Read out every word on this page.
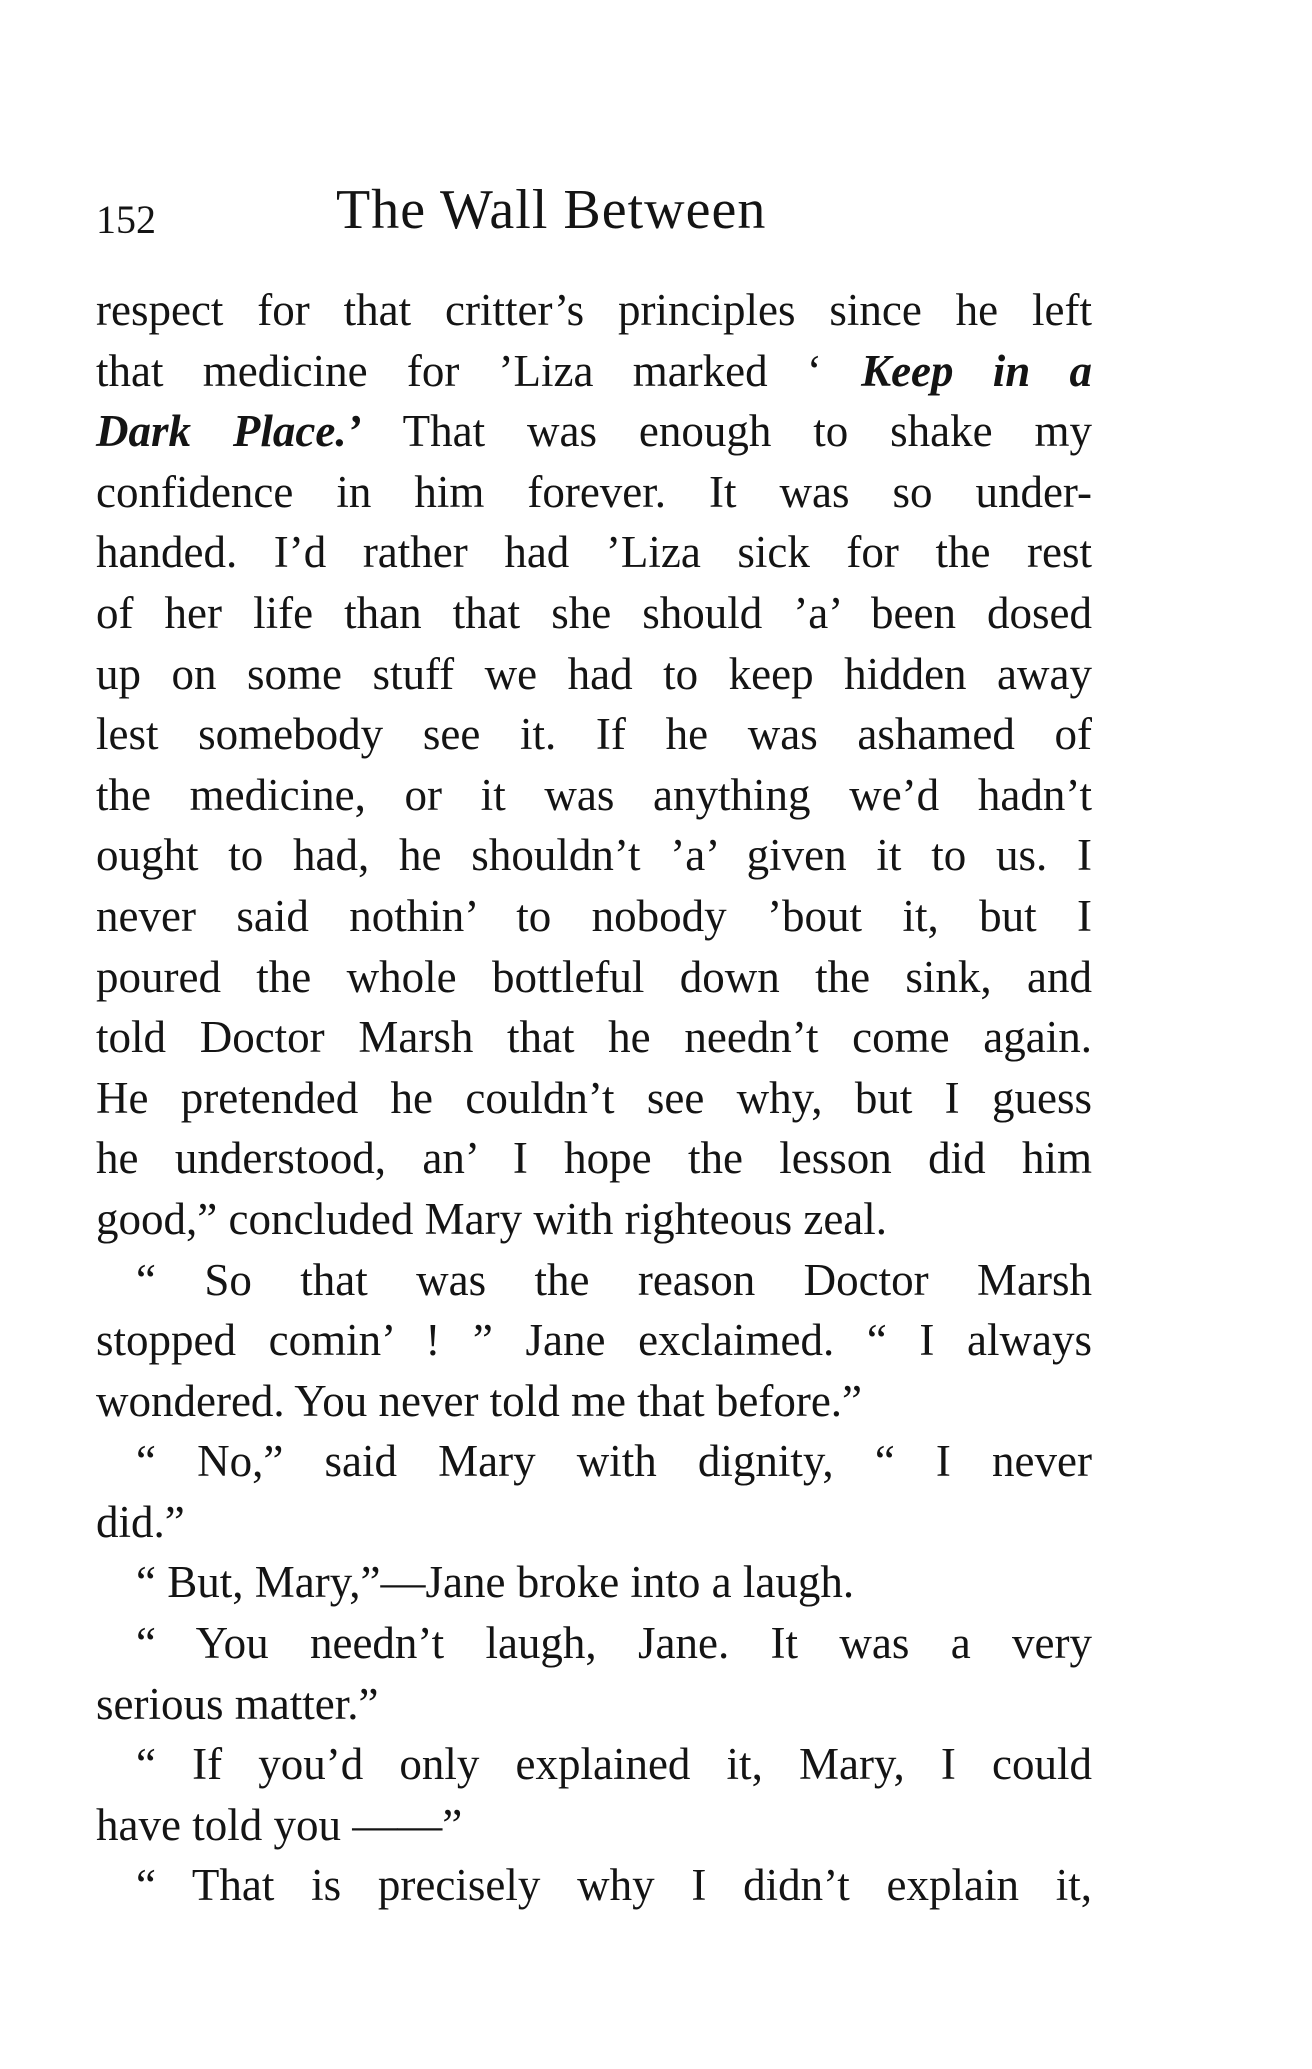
152	The Wall Between
respect for that critter’s principles since he left
that medicine for ’Liza marked ‘ Keep in a
Dark Place.’ That was enough to shake my
confidence in him forever. It was so under-
handed. I’d rather had ’Liza sick for the rest
of her life than that she should ’a’ been dosed
up on some stuff we had to keep hidden away
lest somebody see it. If he was ashamed of
the medicine, or it was anything we’d hadn’t
ought to had, he shouldn’t ’a’ given it to us. I
never said nothin’ to nobody ’bout it, but I
poured the whole bottleful down the sink, and
told Doctor Marsh that he needn’t come again.
He pretended he couldn’t see why, but I guess
he understood, an’ I hope the lesson did him
good,” concluded Mary with righteous zeal.
“ So that was the reason Doctor Marsh
stopped comin’ ! ” Jane exclaimed. “ I always
wondered. You never told me that before.”
“ No,” said Mary with dignity, “ I never
did.”
“ But, Mary,”—Jane broke into a laugh.
“ You needn’t laugh, Jane. It was a very
serious matter.”
“ If you’d only explained it, Mary, I could
have told you ——”
“ That is precisely why I didn’t explain it,
